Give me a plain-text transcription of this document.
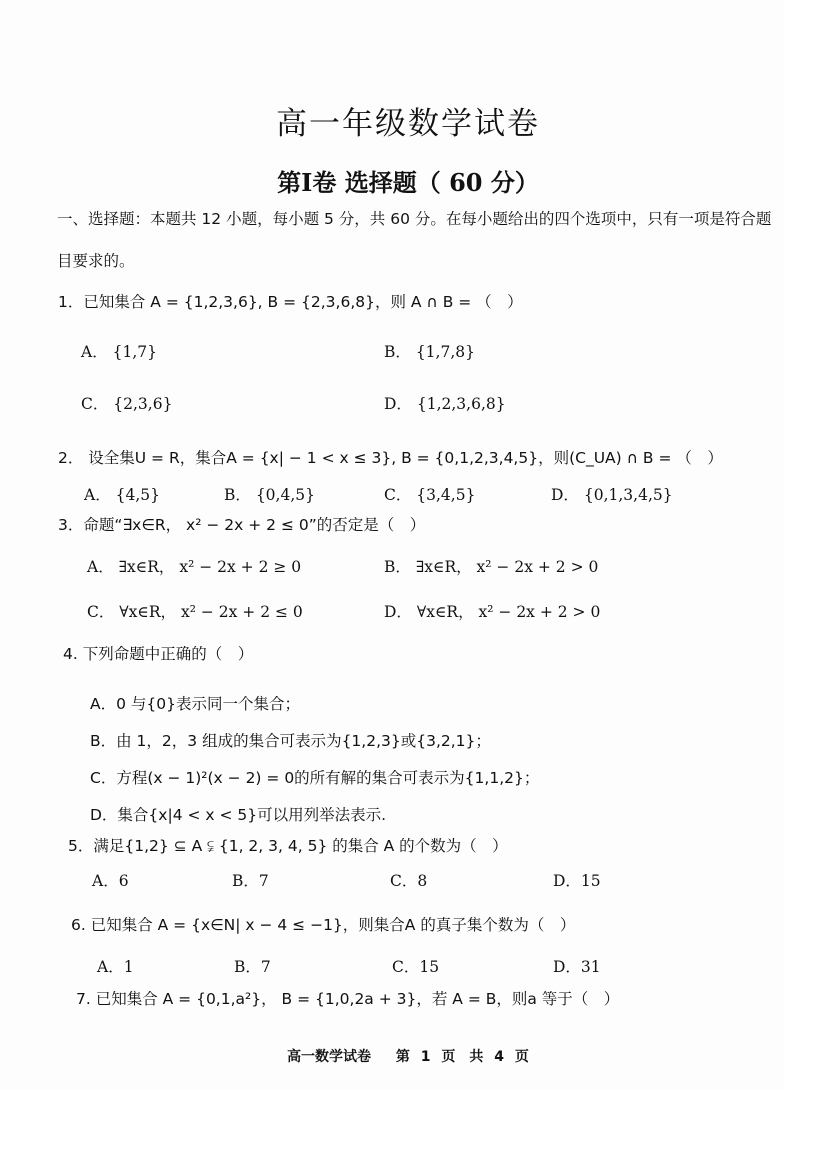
高一年级数学试卷
第I卷 选择题（ 60 分）
一、选择题：本题共 12 小题，每小题 5 分，共 60 分。在每小题给出的四个选项中，只有一项是符合题
目要求的。
1．已知集合 A = {1,2,3,6}, B = {2,3,6,8}，则 A ∩ B = （　）
A． {1,7}	B． {1,7,8}
C． {2,3,6}	D． {1,2,3,6,8}
2． 设全集U = R，集合A = {x| − 1 < x ≤ 3}, B = {0,1,2,3,4,5}，则(C_UA) ∩ B = （　）
A． {4,5}	B． {0,4,5}	C． {3,4,5}	D． {0,1,3,4,5}
3．命题“∃x∈R， x² − 2x + 2 ≤ 0”的否定是（　）
A． ∃x∈R， x² − 2x + 2 ≥ 0	B． ∃x∈R， x² − 2x + 2 > 0
C． ∀x∈R， x² − 2x + 2 ≤ 0	D． ∀x∈R， x² − 2x + 2 > 0
4. 下列命题中正确的（　）
A．0 与{0}表示同一个集合；
B．由 1，2，3 组成的集合可表示为{1,2,3}或{3,2,1}；
C．方程(x − 1)²(x − 2) = 0的所有解的集合可表示为{1,1,2}；
D．集合{x|4 < x < 5}可以用列举法表示.
5．满足{1,2} ⊆ A ⫋ {1, 2, 3, 4, 5} 的集合 A 的个数为（　）
A．6	B．7	C．8	D．15
6. 已知集合 A = {x∈N| x − 4 ≤ −1}，则集合A 的真子集个数为（　）
A．1	B．7	C．15	D．31
7. 已知集合 A = {0,1,a²}， B = {1,0,2a + 3}，若 A = B，则a 等于（　）
高一数学试卷　 第 1 页　共 4 页
